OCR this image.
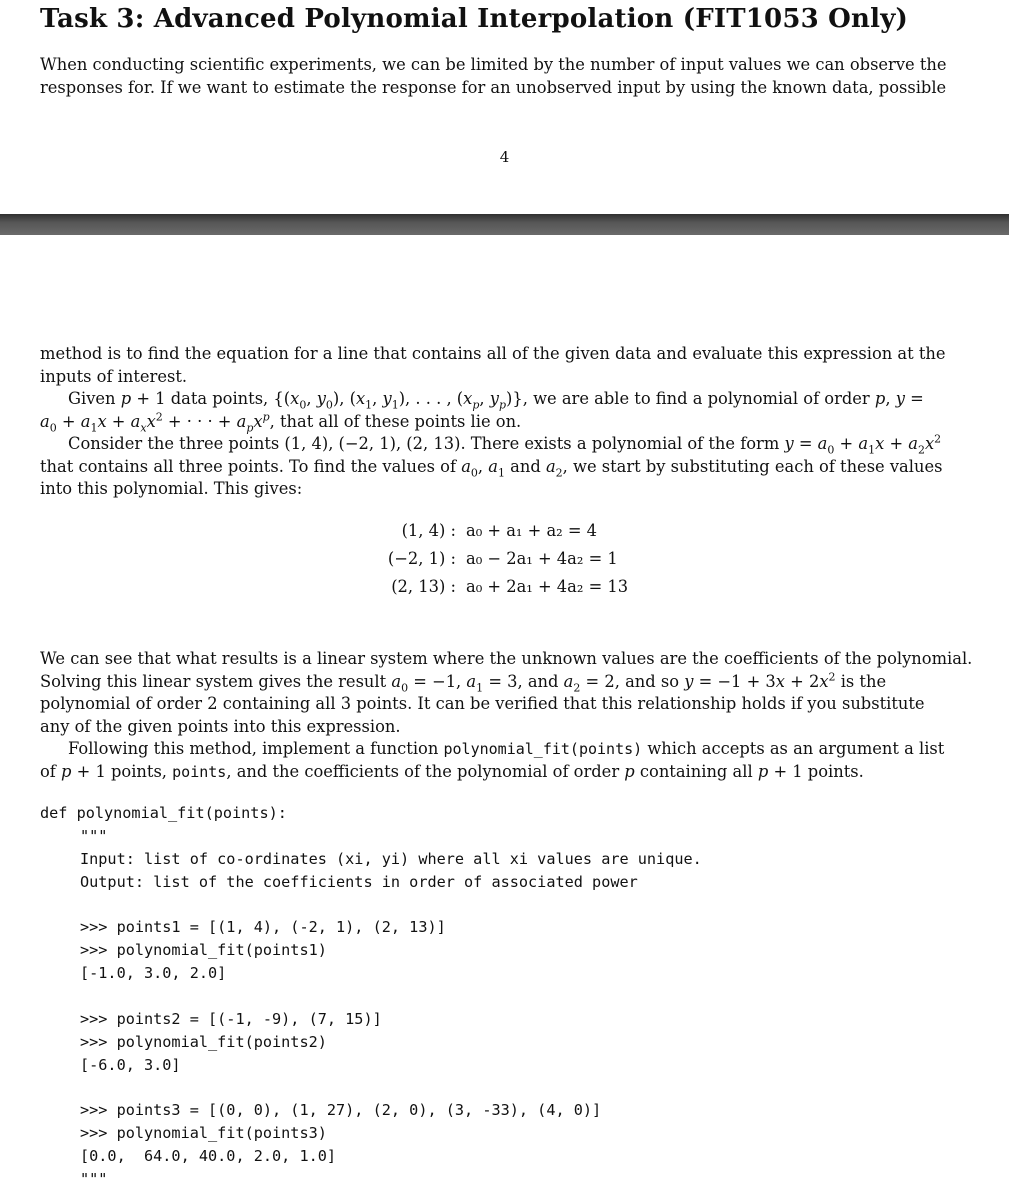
Task 3: Advanced Polynomial Interpolation (FIT1053 Only)
When conducting scientific experiments, we can be limited by the number of input values we can observe the
responses for. If we want to estimate the response for an unobserved input by using the known data, possible
4
method is to find the equation for a line that contains all of the given data and evaluate this expression at the
inputs of interest.
Given p + 1 data points, {($x_0$, $y_0$), ($x_1$, $y_1$), . . . , ($x_p$, $y_p$)}, we are able to find a polynomial of order p, y =
$a_0 + a_1x + a_xx^2$ + · · · + $a_px^p$, that all of these points lie on.
Consider the three points (1, 4), (−2, 1), (2, 13). There exists a polynomial of the form $y = a_0 + a_1x + a_2x^2$
that contains all three points. To find the values of $a_0$, $a_1$ and $a_2$, we start by substituting each of these values
into this polynomial. This gives:
(1, 4) : a₀ + a₁ + a₂ = 4
(−2, 1) : a₀ − 2a₁ + 4a₂ = 1
(2, 13) : a₀ + 2a₁ + 4a₂ = 13
We can see that what results is a linear system where the unknown values are the coefficients of the polynomial.
Solving this linear system gives the result $a_0 = -1$, $a_1 = 3$, and $a_2 = 2$, and so $y = -1 + 3x + 2x^2$ is the
polynomial of order 2 containing all 3 points. It can be verified that this relationship holds if you substitute
any of the given points into this expression.
Following this method, implement a function polynomial_fit(points) which accepts as an argument a list
of p + 1 points, points, and the coefficients of the polynomial of order p containing all p + 1 points.
def polynomial_fit(points):
"""
Input: list of co-ordinates (xi, yi) where all xi values are unique.
Output: list of the coefficients in order of associated power
>>> points1 = [(1, 4), (-2, 1), (2, 13)]
>>> polynomial_fit(points1)
[-1.0, 3.0, 2.0]
>>> points2 = [(-1, -9), (7, 15)]
>>> polynomial_fit(points2)
[-6.0, 3.0]
>>> points3 = [(0, 0), (1, 27), (2, 0), (3, -33), (4, 0)]
>>> polynomial_fit(points3)
[0.0,  64.0, 40.0, 2.0, 1.0]
"""
